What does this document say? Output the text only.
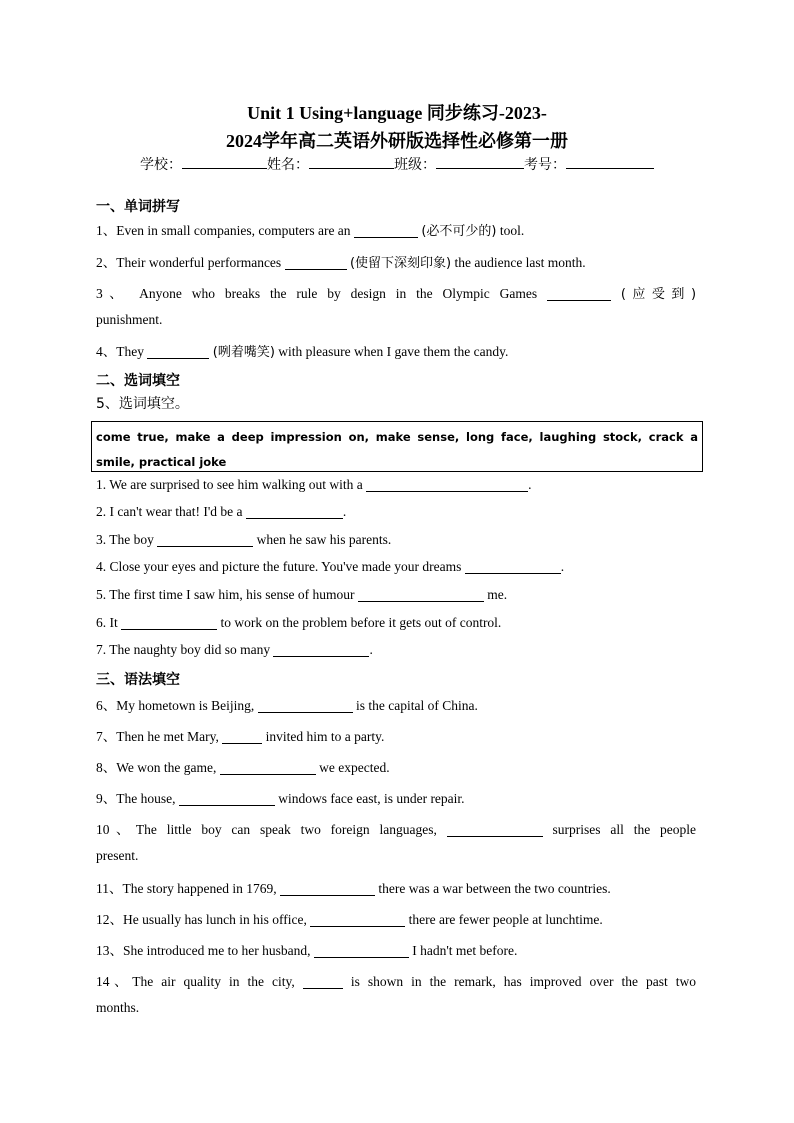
Unit 1 Using+language 同步练习-2023-
2024学年高二英语外研版选择性必修第一册
学校：	姓名：	班级：	考号：
一、单词拼写
1、Even in small companies, computers are an	(必不可少的) tool.
2、Their wonderful performances	(使留下深刻印象) the audience last month.
3、 Anyone who breaks the rule by design in the Olympic Games	(应受到)
punishment.
4、They	(咧着嘴笑) with pleasure when I gave them the candy.
二、选词填空
5、选词填空。
come true, make a deep impression on, make sense, long face, laughing stock, crack a smile, practical joke
1. We are surprised to see him walking out with a	.
2. I can't wear that! I'd be a	.
3. The boy	when he saw his parents.
4. Close your eyes and picture the future. You've made your dreams	.
5. The first time I saw him, his sense of humour	me.
6. It	to work on the problem before it gets out of control.
7. The naughty boy did so many	.
三、语法填空
6、My hometown is Beijing,	is the capital of China.
7、Then he met Mary,	invited him to a party.
8、We won the game,	we expected.
9、The house,	windows face east, is under repair.
10、The little boy can speak two foreign languages,	surprises all the people
present.
11、The story happened in 1769,	there was a war between the two countries.
12、He usually has lunch in his office,	there are fewer people at lunchtime.
13、She introduced me to her husband,	I hadn't met before.
14、The air quality in the city,	is shown in the remark, has improved over the past two
months.
